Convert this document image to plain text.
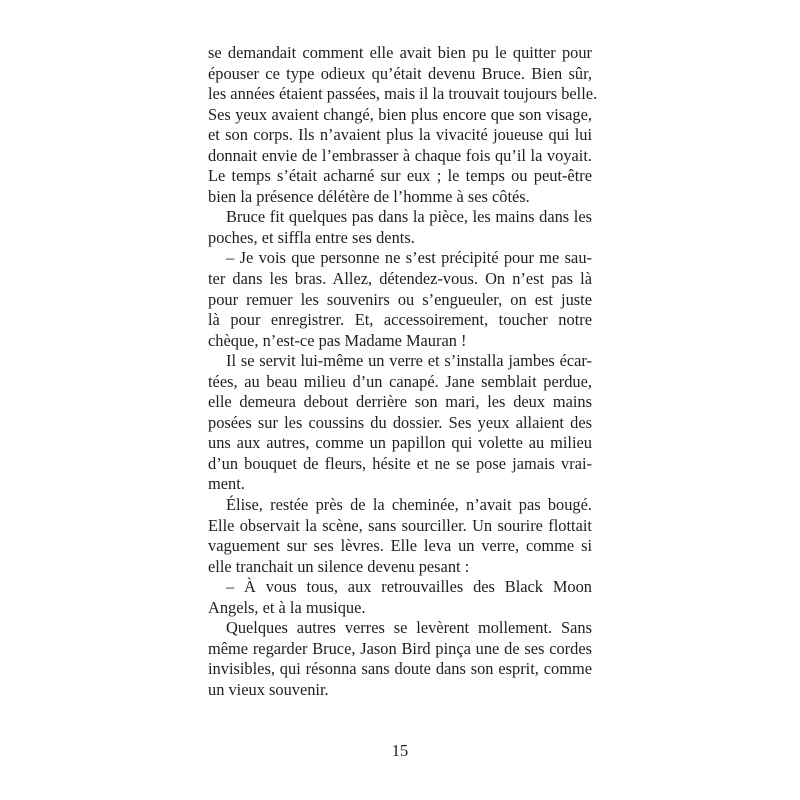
se demandait comment elle avait bien pu le quitter pour
épouser ce type odieux qu’était devenu Bruce. Bien sûr,
les années étaient passées, mais il la trouvait toujours belle.
Ses yeux avaient changé, bien plus encore que son visage,
et son corps. Ils n’avaient plus la vivacité joueuse qui lui
donnait envie de l’embrasser à chaque fois qu’il la voyait.
Le temps s’était acharné sur eux ; le temps ou peut-être
bien la présence délétère de l’homme à ses côtés.
Bruce fit quelques pas dans la pièce, les mains dans les
poches, et siffla entre ses dents.
– Je vois que personne ne s’est précipité pour me sau-
ter dans les bras. Allez, détendez-vous. On n’est pas là
pour remuer les souvenirs ou s’engueuler, on est juste
là pour enregistrer. Et, accessoirement, toucher notre
chèque, n’est-ce pas Madame Mauran !
Il se servit lui-même un verre et s’installa jambes écar-
tées, au beau milieu d’un canapé. Jane semblait perdue,
elle demeura debout derrière son mari, les deux mains
posées sur les coussins du dossier. Ses yeux allaient des
uns aux autres, comme un papillon qui volette au milieu
d’un bouquet de fleurs, hésite et ne se pose jamais vrai-
ment.
Élise, restée près de la cheminée, n’avait pas bougé.
Elle observait la scène, sans sourciller. Un sourire flottait
vaguement sur ses lèvres. Elle leva un verre, comme si
elle tranchait un silence devenu pesant :
– À vous tous, aux retrouvailles des Black Moon
Angels, et à la musique.
Quelques autres verres se levèrent mollement. Sans
même regarder Bruce, Jason Bird pinça une de ses cordes
invisibles, qui résonna sans doute dans son esprit, comme
un vieux souvenir.
15
